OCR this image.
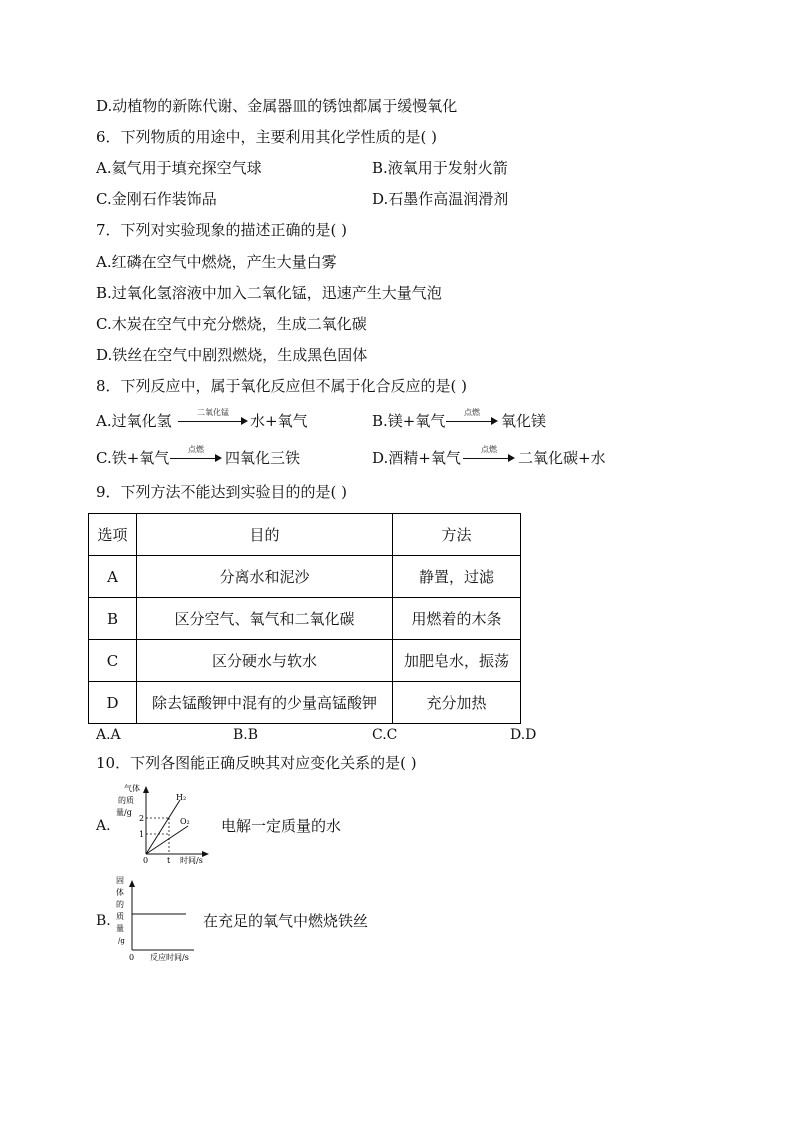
D.动植物的新陈代谢、金属器皿的锈蚀都属于缓慢氧化
6．下列物质的用途中，主要利用其化学性质的是( )
A.氦气用于填充探空气球	B.液氧用于发射火箭
C.金刚石作装饰品	D.石墨作高温润滑剂
7．下列对实验现象的描述正确的是( )
A.红磷在空气中燃烧，产生大量白雾
B.过氧化氢溶液中加入二氧化锰，迅速产生大量气泡
C.木炭在空气中充分燃烧，生成二氧化碳
D.铁丝在空气中剧烈燃烧，生成黑色固体
8．下列反应中，属于氧化反应但不属于化合反应的是( )
A.过氧化氢	二氧化锰	水+氧气	B.镁+氧气	点燃	氧化镁
C.铁+氧气	点燃	四氧化三铁	D.酒精+氧气	点燃	二氧化碳+水
9．下列方法不能达到实验目的的是( )
选项	目的	方法
A	分离水和泥沙	静置，过滤
B	区分空气、氧气和二氧化碳	用燃着的木条
C	区分硬水与软水	加肥皂水，振荡
D	除去锰酸钾中混有的少量高锰酸钾	充分加热
A.A	B.B	C.C	D.D
10．下列各图能正确反映其对应变化关系的是( )
A.
气体
的质
量/g
2
1
0 t 时间/s
H₂
O₂ 电解一定质量的水
B.
固
体
的
质
量
/g
0 反应时间/s
在充足的氧气中燃烧铁丝
